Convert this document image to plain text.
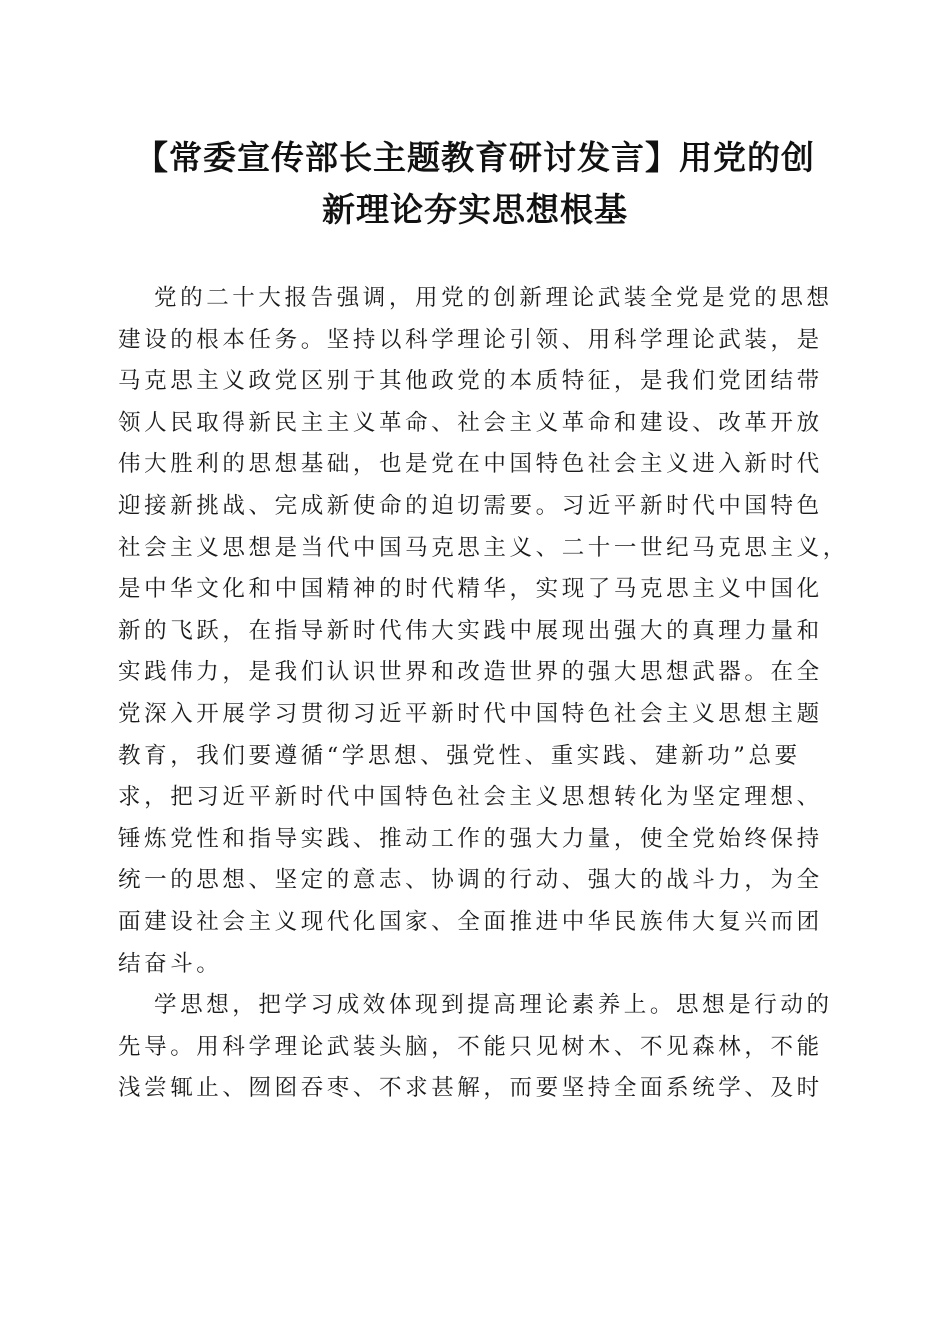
【常委宣传部长主题教育研讨发言】用党的创
新理论夯实思想根基
党的二十大报告强调，用党的创新理论武装全党是党的思想
建设的根本任务。坚持以科学理论引领、用科学理论武装，是
马克思主义政党区别于其他政党的本质特征，是我们党团结带
领人民取得新民主主义革命、社会主义革命和建设、改革开放
伟大胜利的思想基础，也是党在中国特色社会主义进入新时代
迎接新挑战、完成新使命的迫切需要。习近平新时代中国特色
社会主义思想是当代中国马克思主义、二十一世纪马克思主义，
是中华文化和中国精神的时代精华，实现了马克思主义中国化
新的飞跃，在指导新时代伟大实践中展现出强大的真理力量和
实践伟力，是我们认识世界和改造世界的强大思想武器。在全
党深入开展学习贯彻习近平新时代中国特色社会主义思想主题
教育，我们要遵循“学思想、强党性、重实践、建新功”总要
求，把习近平新时代中国特色社会主义思想转化为坚定理想、
锤炼党性和指导实践、推动工作的强大力量，使全党始终保持
统一的思想、坚定的意志、协调的行动、强大的战斗力，为全
面建设社会主义现代化国家、全面推进中华民族伟大复兴而团
结奋斗。
学思想，把学习成效体现到提高理论素养上。思想是行动的
先导。用科学理论武装头脑，不能只见树木、不见森林，不能
浅尝辄止、囫囵吞枣、不求甚解，而要坚持全面系统学、及时
